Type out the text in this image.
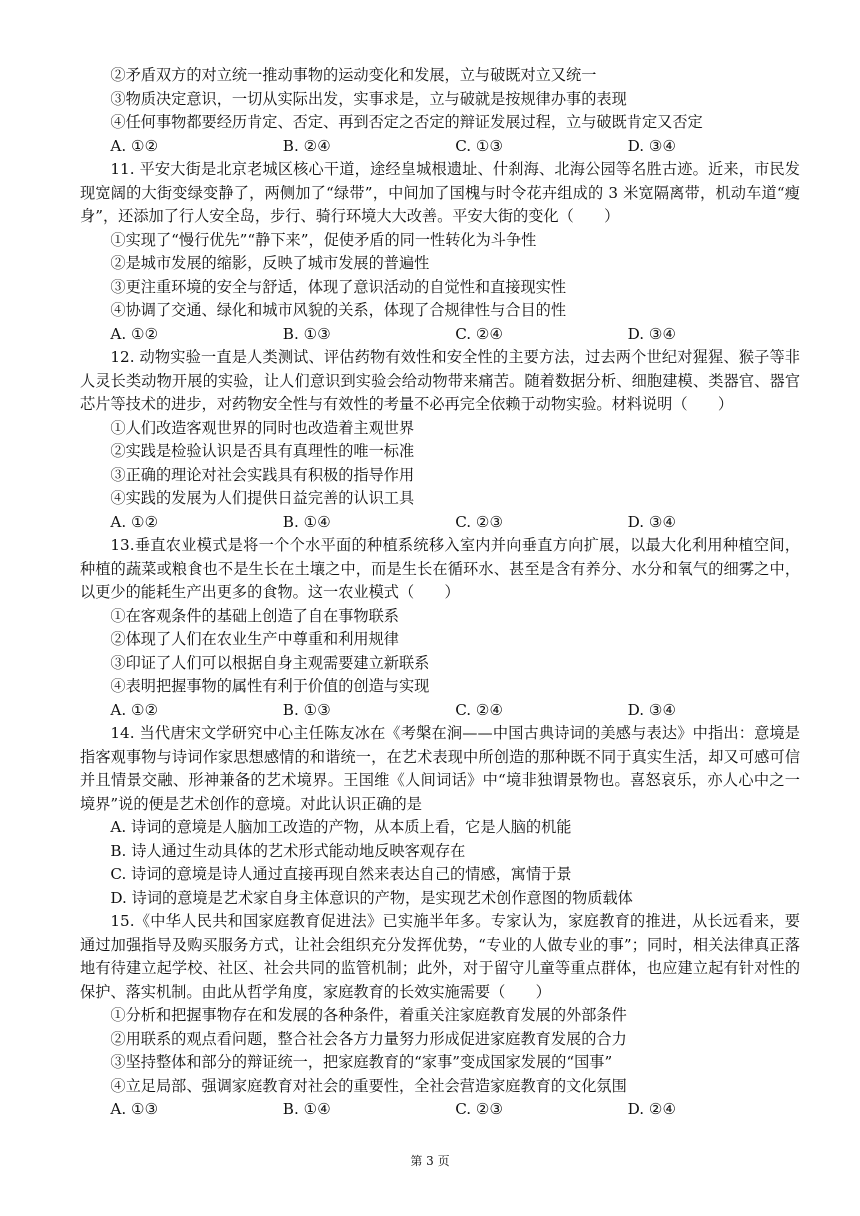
②矛盾双方的对立统一推动事物的运动变化和发展，立与破既对立又统一
③物质决定意识，一切从实际出发，实事求是，立与破就是按规律办事的表现
④任何事物都要经历肯定、否定、再到否定之否定的辩证发展过程，立与破既肯定又否定
A. ①②	B. ②④	C. ①③	D. ③④
11. 平安大街是北京老城区核心干道，途经皇城根遗址、什刹海、北海公园等名胜古迹。近来，市民发现宽阔的大街变绿变静了，两侧加了“绿带”，中间加了国槐与时令花卉组成的 3 米宽隔离带，机动车道“瘦身”，还添加了行人安全岛，步行、骑行环境大大改善。平安大街的变化（　　）
①实现了“慢行优先”“静下来”，促使矛盾的同一性转化为斗争性
②是城市发展的缩影，反映了城市发展的普遍性
③更注重环境的安全与舒适，体现了意识活动的自觉性和直接现实性
④协调了交通、绿化和城市风貌的关系，体现了合规律性与合目的性
A. ①②	B. ①③	C. ②④	D. ③④
12. 动物实验一直是人类测试、评估药物有效性和安全性的主要方法，过去两个世纪对猩猩、猴子等非人灵长类动物开展的实验，让人们意识到实验会给动物带来痛苦。随着数据分析、细胞建模、类器官、器官芯片等技术的进步，对药物安全性与有效性的考量不必再完全依赖于动物实验。材料说明（　　）
①人们改造客观世界的同时也改造着主观世界
②实践是检验认识是否具有真理性的唯一标准
③正确的理论对社会实践具有积极的指导作用
④实践的发展为人们提供日益完善的认识工具
A. ①②	B. ①④	C. ②③	D. ③④
13.垂直农业模式是将一个个水平面的种植系统移入室内并向垂直方向扩展，以最大化利用种植空间，种植的蔬菜或粮食也不是生长在土壤之中，而是生长在循环水、甚至是含有养分、水分和氧气的细雾之中，以更少的能耗生产出更多的食物。这一农业模式（　　）
①在客观条件的基础上创造了自在事物联系
②体现了人们在农业生产中尊重和利用规律
③印证了人们可以根据自身主观需要建立新联系
④表明把握事物的属性有利于价值的创造与实现
A. ①②	B. ①③	C. ②④	D. ③④
14. 当代唐宋文学研究中心主任陈友冰在《考槃在涧——中国古典诗词的美感与表达》中指出：意境是指客观事物与诗词作家思想感情的和谐统一，在艺术表现中所创造的那种既不同于真实生活，却又可感可信并且情景交融、形神兼备的艺术境界。王国维《人间词话》中“境非独谓景物也。喜怒哀乐，亦人心中之一境界”说的便是艺术创作的意境。对此认识正确的是
A. 诗词的意境是人脑加工改造的产物，从本质上看，它是人脑的机能
B. 诗人通过生动具体的艺术形式能动地反映客观存在
C. 诗词的意境是诗人通过直接再现自然来表达自己的情感，寓情于景
D. 诗词的意境是艺术家自身主体意识的产物，是实现艺术创作意图的物质载体
15.《中华人民共和国家庭教育促进法》已实施半年多。专家认为，家庭教育的推进，从长远看来，要通过加强指导及购买服务方式，让社会组织充分发挥优势，“专业的人做专业的事”；同时，相关法律真正落地有待建立起学校、社区、社会共同的监管机制；此外，对于留守儿童等重点群体，也应建立起有针对性的保护、落实机制。由此从哲学角度，家庭教育的长效实施需要（　　）
①分析和把握事物存在和发展的各种条件，着重关注家庭教育发展的外部条件
②用联系的观点看问题，整合社会各方力量努力形成促进家庭教育发展的合力
③坚持整体和部分的辩证统一，把家庭教育的“家事”变成国家发展的“国事”
④立足局部、强调家庭教育对社会的重要性，全社会营造家庭教育的文化氛围
A. ①③	B. ①④	C. ②③	D. ②④
第 3 页
